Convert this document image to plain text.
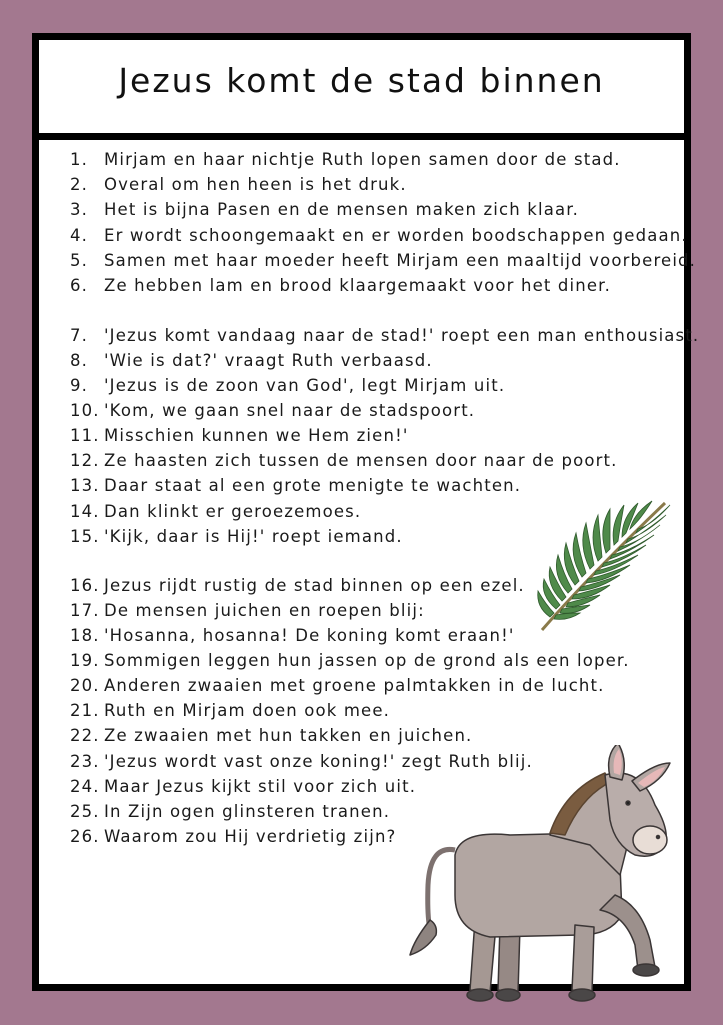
Jezus komt de stad binnen
1. Mirjam en haar nichtje Ruth lopen samen door de stad.
2. Overal om hen heen is het druk.
3. Het is bijna Pasen en de mensen maken zich klaar.
4. Er wordt schoongemaakt en er worden boodschappen gedaan.
5. Samen met haar moeder heeft Mirjam een maaltijd voorbereid.
6. Ze hebben lam en brood klaargemaakt voor het diner.
7. 'Jezus komt vandaag naar de stad!' roept een man enthousiast.
8. 'Wie is dat?' vraagt Ruth verbaasd.
9. 'Jezus is de zoon van God', legt Mirjam uit.
10. 'Kom, we gaan snel naar de stadspoort.
11. Misschien kunnen we Hem zien!'
12. Ze haasten zich tussen de mensen door naar de poort.
13. Daar staat al een grote menigte te wachten.
14. Dan klinkt er geroezemoes.
15. 'Kijk, daar is Hij!' roept iemand.
16. Jezus rijdt rustig de stad binnen op een ezel.
17. De mensen juichen en roepen blij:
18. 'Hosanna, hosanna! De koning komt eraan!'
19. Sommigen leggen hun jassen op de grond als een loper.
20. Anderen zwaaien met groene palmtakken in de lucht.
21. Ruth en Mirjam doen ook mee.
22. Ze zwaaien met hun takken en juichen.
23. 'Jezus wordt vast onze koning!' zegt Ruth blij.
24. Maar Jezus kijkt stil voor zich uit.
25. In Zijn ogen glinsteren tranen.
26. Waarom zou Hij verdrietig zijn?
